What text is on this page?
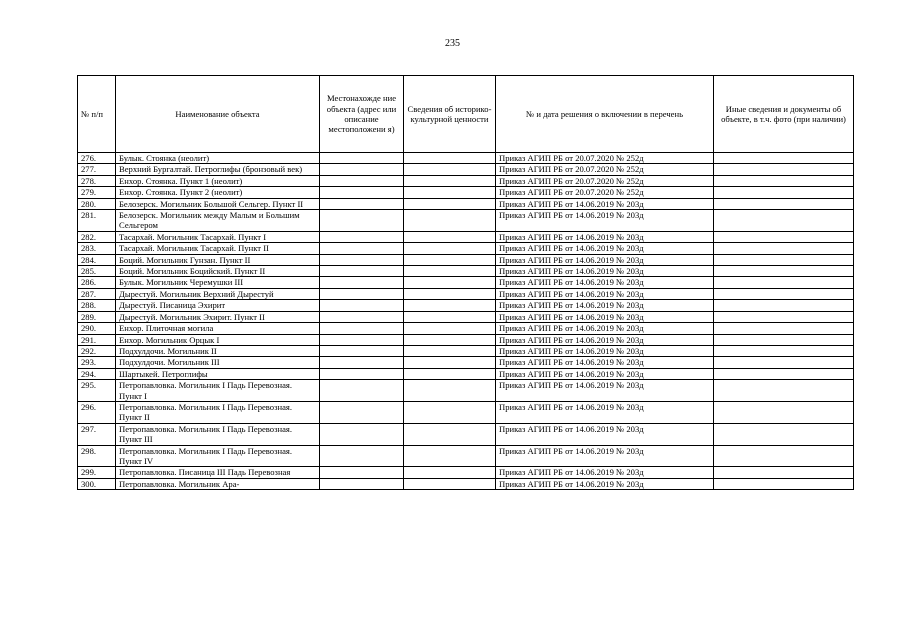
235
№ п/п	Наименование объекта	Местонахожде ние объекта (адрес или описание местоположени я)	Сведения об историко-культурной ценности	№ и дата решения о включении в перечень	Иные сведения и документы об объекте, в т.ч. фото (при наличии)
276.	Булык. Стоянка (неолит)			Приказ АГИП РБ от 20.07.2020 № 252д	
277.	Верхний Бургалтай. Петроглифы (бронзовый век)			Приказ АГИП РБ от 20.07.2020 № 252д	
278.	Енхор. Стоянка. Пункт 1 (неолит)			Приказ АГИП РБ от 20.07.2020 № 252д	
279.	Енхор. Стоянка. Пункт 2 (неолит)			Приказ АГИП РБ от 20.07.2020 № 252д	
280.	Белозерск. Могильник Большой Сельгер. Пункт II			Приказ АГИП РБ от 14.06.2019 № 203д	
281.	Белозерск. Могильник между Малым и Большим Сельгером			Приказ АГИП РБ от 14.06.2019 № 203д	
282.	Тасархай. Могильник Тасархай. Пункт I			Приказ АГИП РБ от 14.06.2019 № 203д	
283.	Тасархай. Могильник Тасархай. Пункт II			Приказ АГИП РБ от 14.06.2019 № 203д	
284.	Боций. Могильник Гунзан. Пункт II			Приказ АГИП РБ от 14.06.2019 № 203д	
285.	Боций. Могильник Боцийский. Пункт II			Приказ АГИП РБ от 14.06.2019 № 203д	
286.	Булык. Могильник Черемушки III			Приказ АГИП РБ от 14.06.2019 № 203д	
287.	Дырестуй. Могильник Верхний Дырестуй			Приказ АГИП РБ от 14.06.2019 № 203д	
288.	Дырестуй. Писаница Эхирит			Приказ АГИП РБ от 14.06.2019 № 203д	
289.	Дырестуй. Могильник Эхирит. Пункт II			Приказ АГИП РБ от 14.06.2019 № 203д	
290.	Енхор. Плиточная могила			Приказ АГИП РБ от 14.06.2019 № 203д	
291.	Енхор. Могильник Орцык I			Приказ АГИП РБ от 14.06.2019 № 203д	
292.	Подхулдочи. Могильник II			Приказ АГИП РБ от 14.06.2019 № 203д	
293.	Подхулдочи. Могильник III			Приказ АГИП РБ от 14.06.2019 № 203д	
294.	Шартыкей. Петроглифы			Приказ АГИП РБ от 14.06.2019 № 203д	
295.	Петропавловка. Могильник I Падь Перевозная. Пункт I			Приказ АГИП РБ от 14.06.2019 № 203д	
296.	Петропавловка. Могильник I Падь Перевозная. Пункт II			Приказ АГИП РБ от 14.06.2019 № 203д	
297.	Петропавловка. Могильник I Падь Перевозная. Пункт III			Приказ АГИП РБ от 14.06.2019 № 203д	
298.	Петропавловка. Могильник I Падь Перевозная. Пункт IV			Приказ АГИП РБ от 14.06.2019 № 203д	
299.	Петропавловка. Писаница III Падь Перевозная			Приказ АГИП РБ от 14.06.2019 № 203д	
300.	Петропавловка. Могильник Ара-			Приказ АГИП РБ от 14.06.2019 № 203д	
